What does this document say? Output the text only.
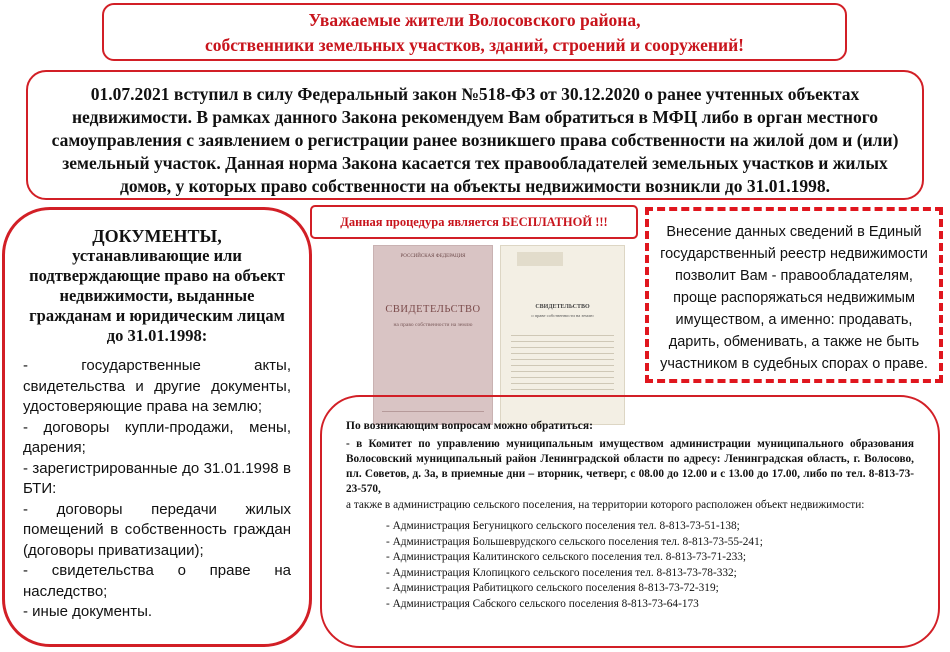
Уважаемые жители Волосовского района,
собственники земельных участков, зданий, строений и сооружений!
01.07.2021 вступил в силу Федеральный закон №518-ФЗ от 30.12.2020 о ранее учтенных объектах недвижимости. В рамках данного Закона рекомендуем Вам обратиться в МФЦ либо в орган местного самоуправления с заявлением о регистрации ранее возникшего права собственности на жилой дом и (или) земельный участок. Данная норма Закона касается тех правообладателей земельных участков и жилых домов, у которых право собственности на объекты недвижимости возникли до 31.01.1998.
ДОКУМЕНТЫ,
устанавливающие или подтверждающие право на объект недвижимости, выданные гражданам и юридическим лицам до 31.01.1998:
- государственные акты, свидетельства и другие документы, удостоверяющие права на землю;
- договоры купли-продажи, мены, дарения;
- зарегистрированные до 31.01.1998 в БТИ:
- договоры передачи жилых помещений в собственность граждан (договоры приватизации);
- свидетельства о праве на наследство;
- иные документы.
Данная процедура является БЕСПЛАТНОЙ !!!
РОССИЙСКАЯ ФЕДЕРАЦИЯ
СВИДЕТЕЛЬСТВО
на право собственности на землю
СВИДЕТЕЛЬСТВО
о праве собственности на землю
Внесение данных сведений в Единый государственный реестр недвижимости позволит Вам - правообладателям, проще распоряжаться недвижимым имуществом, а именно: продавать, дарить, обменивать, а также не быть участником в судебных спорах о праве.
По возникающим вопросам можно обратиться:
- в Комитет по управлению муниципальным имуществом администрации муниципального образования Волосовский муниципальный район Ленинградской области по адресу: Ленинградская область, г. Волосово, пл. Советов, д. 3а, в приемные дни – вторник, четверг, с 08.00 до 12.00 и с 13.00 до 17.00, либо по тел. 8-813-73-23-570,
а также в администрацию сельского поселения, на территории которого расположен объект недвижимости:
- Администрация Бегуницкого сельского поселения тел. 8-813-73-51-138;
- Администрация Большеврудского сельского поселения тел. 8-813-73-55-241;
- Администрация Калитинского сельского поселения тел. 8-813-73-71-233;
- Администрация Клопицкого сельского поселения тел. 8-813-73-78-332;
- Администрация Рабитицкого сельского поселения 8-813-73-72-319;
- Администрация Сабского сельского поселения 8-813-73-64-173
